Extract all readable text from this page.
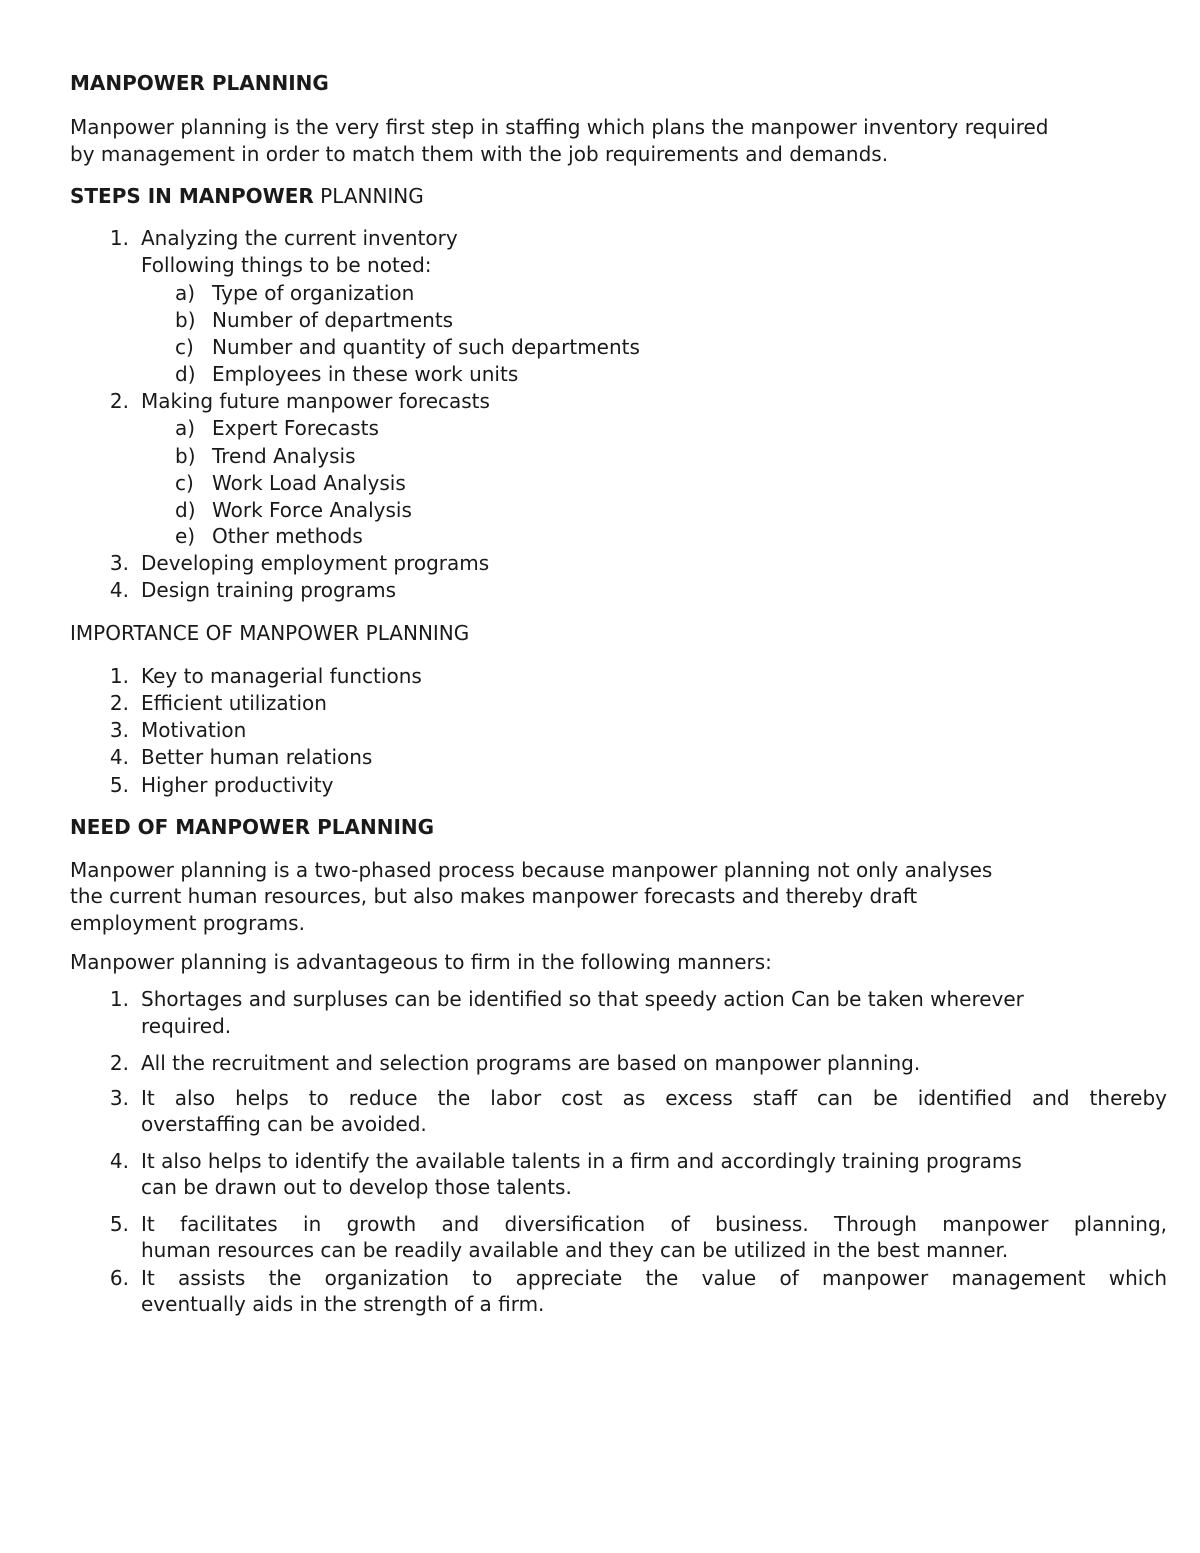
MANPOWER PLANNING
Manpower planning is the very first step in staffing which plans the manpower inventory required
by management in order to match them with the job requirements and demands.
STEPS IN MANPOWER PLANNING
1. Analyzing the current inventory
Following things to be noted:
a) Type of organization
b) Number of departments
c) Number and quantity of such departments
d) Employees in these work units
2. Making future manpower forecasts
a) Expert Forecasts
b) Trend Analysis
c) Work Load Analysis
d) Work Force Analysis
e) Other methods
3. Developing employment programs
4. Design training programs
IMPORTANCE OF MANPOWER PLANNING
1. Key to managerial functions
2. Efficient utilization
3. Motivation
4. Better human relations
5. Higher productivity
NEED OF MANPOWER PLANNING
Manpower planning is a two-phased process because manpower planning not only analyses
the current human resources, but also makes manpower forecasts and thereby draft
employment programs.
Manpower planning is advantageous to firm in the following manners:
1. Shortages and surpluses can be identified so that speedy action Can be taken wherever
required.
2. All the recruitment and selection programs are based on manpower planning.
3. It also helps to reduce the labor cost as excess staff can be identified and thereby
overstaffing can be avoided.
4. It also helps to identify the available talents in a firm and accordingly training programs
can be drawn out to develop those talents.
5. It facilitates in growth and diversification of business. Through manpower planning,
human resources can be readily available and they can be utilized in the best manner.
6. It assists the organization to appreciate the value of manpower management which
eventually aids in the strength of a firm.
